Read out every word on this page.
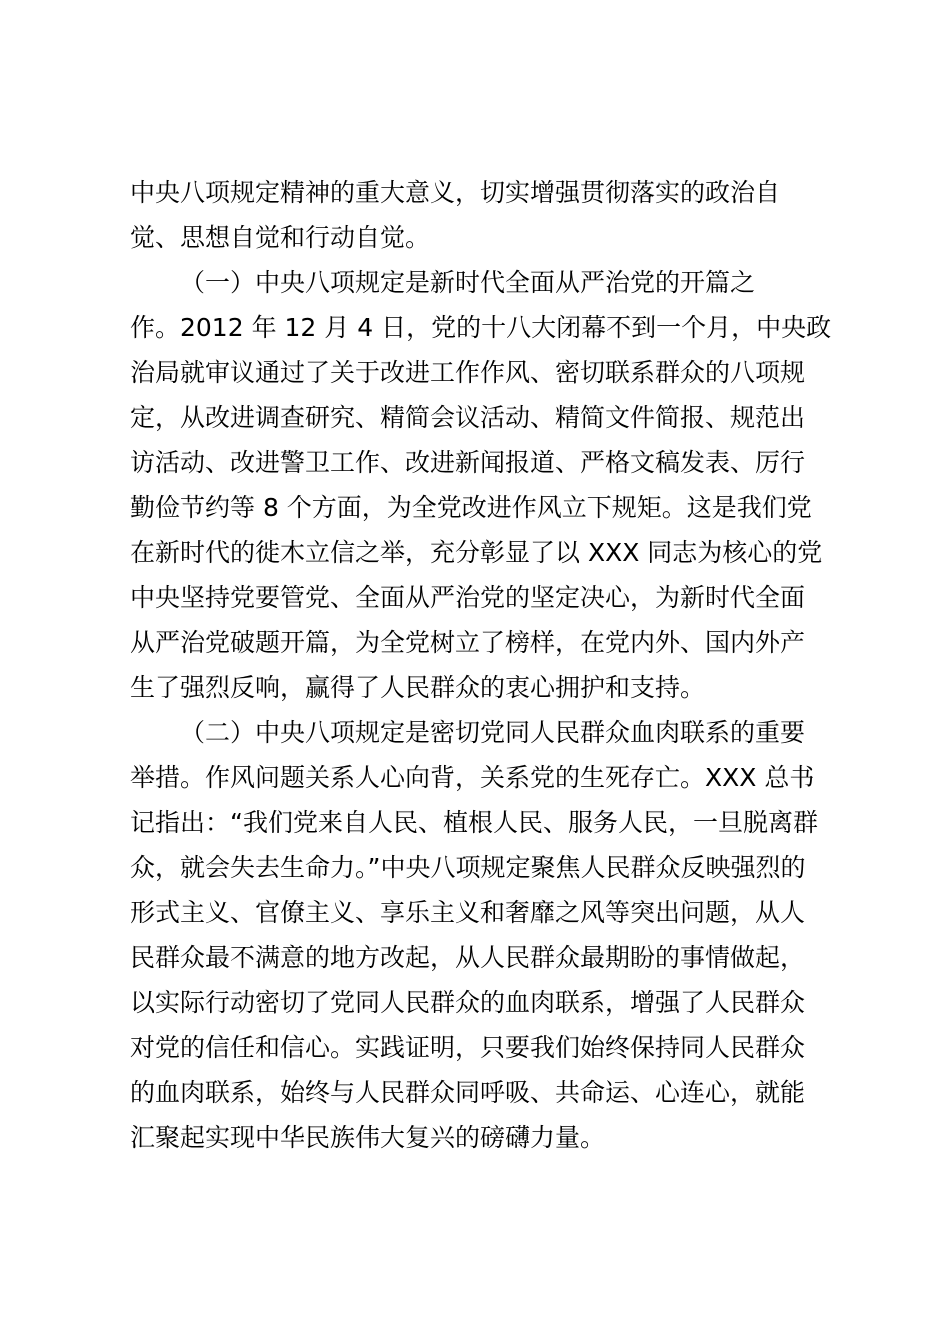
中央八项规定精神的重大意义，切实增强贯彻落实的政治自
觉、思想自觉和行动自觉。
（一）中央八项规定是新时代全面从严治党的开篇之
作。2012 年 12 月 4 日，党的十八大闭幕不到一个月，中央政
治局就审议通过了关于改进工作作风、密切联系群众的八项规
定，从改进调查研究、精简会议活动、精简文件简报、规范出
访活动、改进警卫工作、改进新闻报道、严格文稿发表、厉行
勤俭节约等 8 个方面，为全党改进作风立下规矩。这是我们党
在新时代的徙木立信之举，充分彰显了以 XXX 同志为核心的党
中央坚持党要管党、全面从严治党的坚定决心，为新时代全面
从严治党破题开篇，为全党树立了榜样，在党内外、国内外产
生了强烈反响，赢得了人民群众的衷心拥护和支持。
（二）中央八项规定是密切党同人民群众血肉联系的重要
举措。作风问题关系人心向背，关系党的生死存亡。XXX 总书
记指出：“我们党来自人民、植根人民、服务人民，一旦脱离群
众，就会失去生命力。”中央八项规定聚焦人民群众反映强烈的
形式主义、官僚主义、享乐主义和奢靡之风等突出问题，从人
民群众最不满意的地方改起，从人民群众最期盼的事情做起，
以实际行动密切了党同人民群众的血肉联系，增强了人民群众
对党的信任和信心。实践证明，只要我们始终保持同人民群众
的血肉联系，始终与人民群众同呼吸、共命运、心连心，就能
汇聚起实现中华民族伟大复兴的磅礴力量。
